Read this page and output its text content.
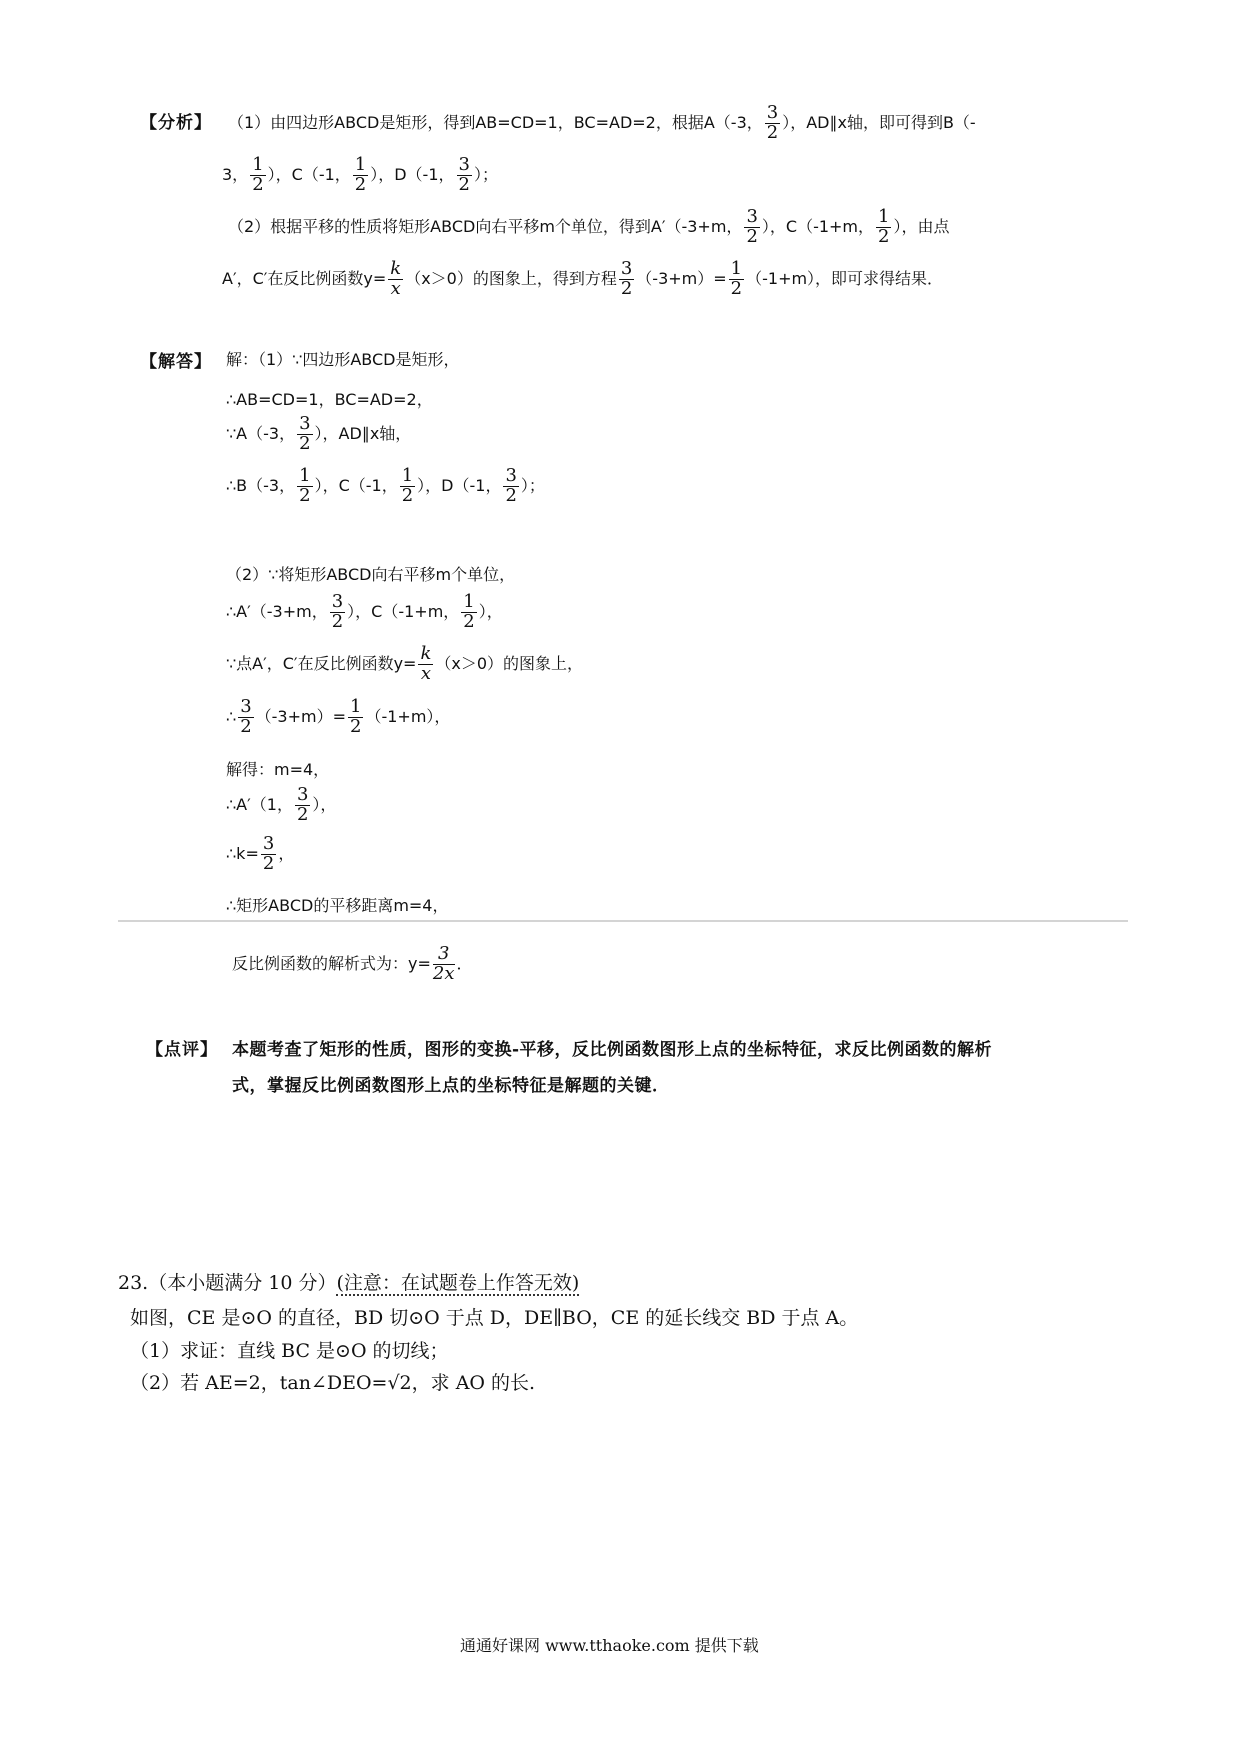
【分析】 （1）由四边形ABCD是矩形，得到AB=CD=1，BC=AD=2，根据A（-3， $\frac{3}{2}$ ），AD∥x轴，即可得到B（-
3， $\frac{1}{2}$ ），C（-1， $\frac{1}{2}$ ），D（-1， $\frac{3}{2}$ ）；
（2）根据平移的性质将矩形ABCD向右平移m个单位，得到A′（-3+m， $\frac{3}{2}$ ），C（-1+m， $\frac{1}{2}$ ），由点
A′，C′在反比例函数$y= \frac{k}{x} (x>0)$的图象上，得到方程 $\frac{3}{2} (-3+m)= \frac{1}{2} (-1+m)$，即可求得结果．
【解答】 解：（1）∵四边形ABCD是矩形，
∴AB=CD=1，BC=AD=2，
∵A（-3， $\frac{3}{2}$ ），AD∥x轴，
∴B（-3， $\frac{1}{2}$ ），C（-1， $\frac{1}{2}$ ），D（-1， $\frac{3}{2}$ ）；
（2）∵将矩形ABCD向右平移m个单位，
∴A′（-3+m， $\frac{3}{2}$ ），C（-1+m， $\frac{1}{2}$ ），
∵点A′，C′在反比例函数$y= \frac{k}{x} (x>0)$的图象上，
∴ $\frac{3}{2} (-3+m)= \frac{1}{2} (-1+m)$，
解得：m=4，
∴A′（1， $\frac{3}{2}$ ），
∴k= $\frac{3}{2}$ ，
∴矩形ABCD的平移距离m=4，
反比例函数的解析式为：$y= \frac{3}{2x}$ ．
【点评】 本题考查了矩形的性质，图形的变换-平移，反比例函数图形上点的坐标特征，求反比例函数的解析
式，掌握反比例函数图形上点的坐标特征是解题的关键．
23.（本小题满分 10 分）(注意：在试题卷上作答无效)
如图，CE 是⊙O 的直径，BD 切⊙O 于点 D，DE∥BO，CE 的延长线交 BD 于点 A。
（1）求证：直线 BC 是⊙O 的切线；
（2）若 AE=2，tan∠DEO=√2，求 AO 的长.
通通好课网 www.tthaoke.com 提供下载
